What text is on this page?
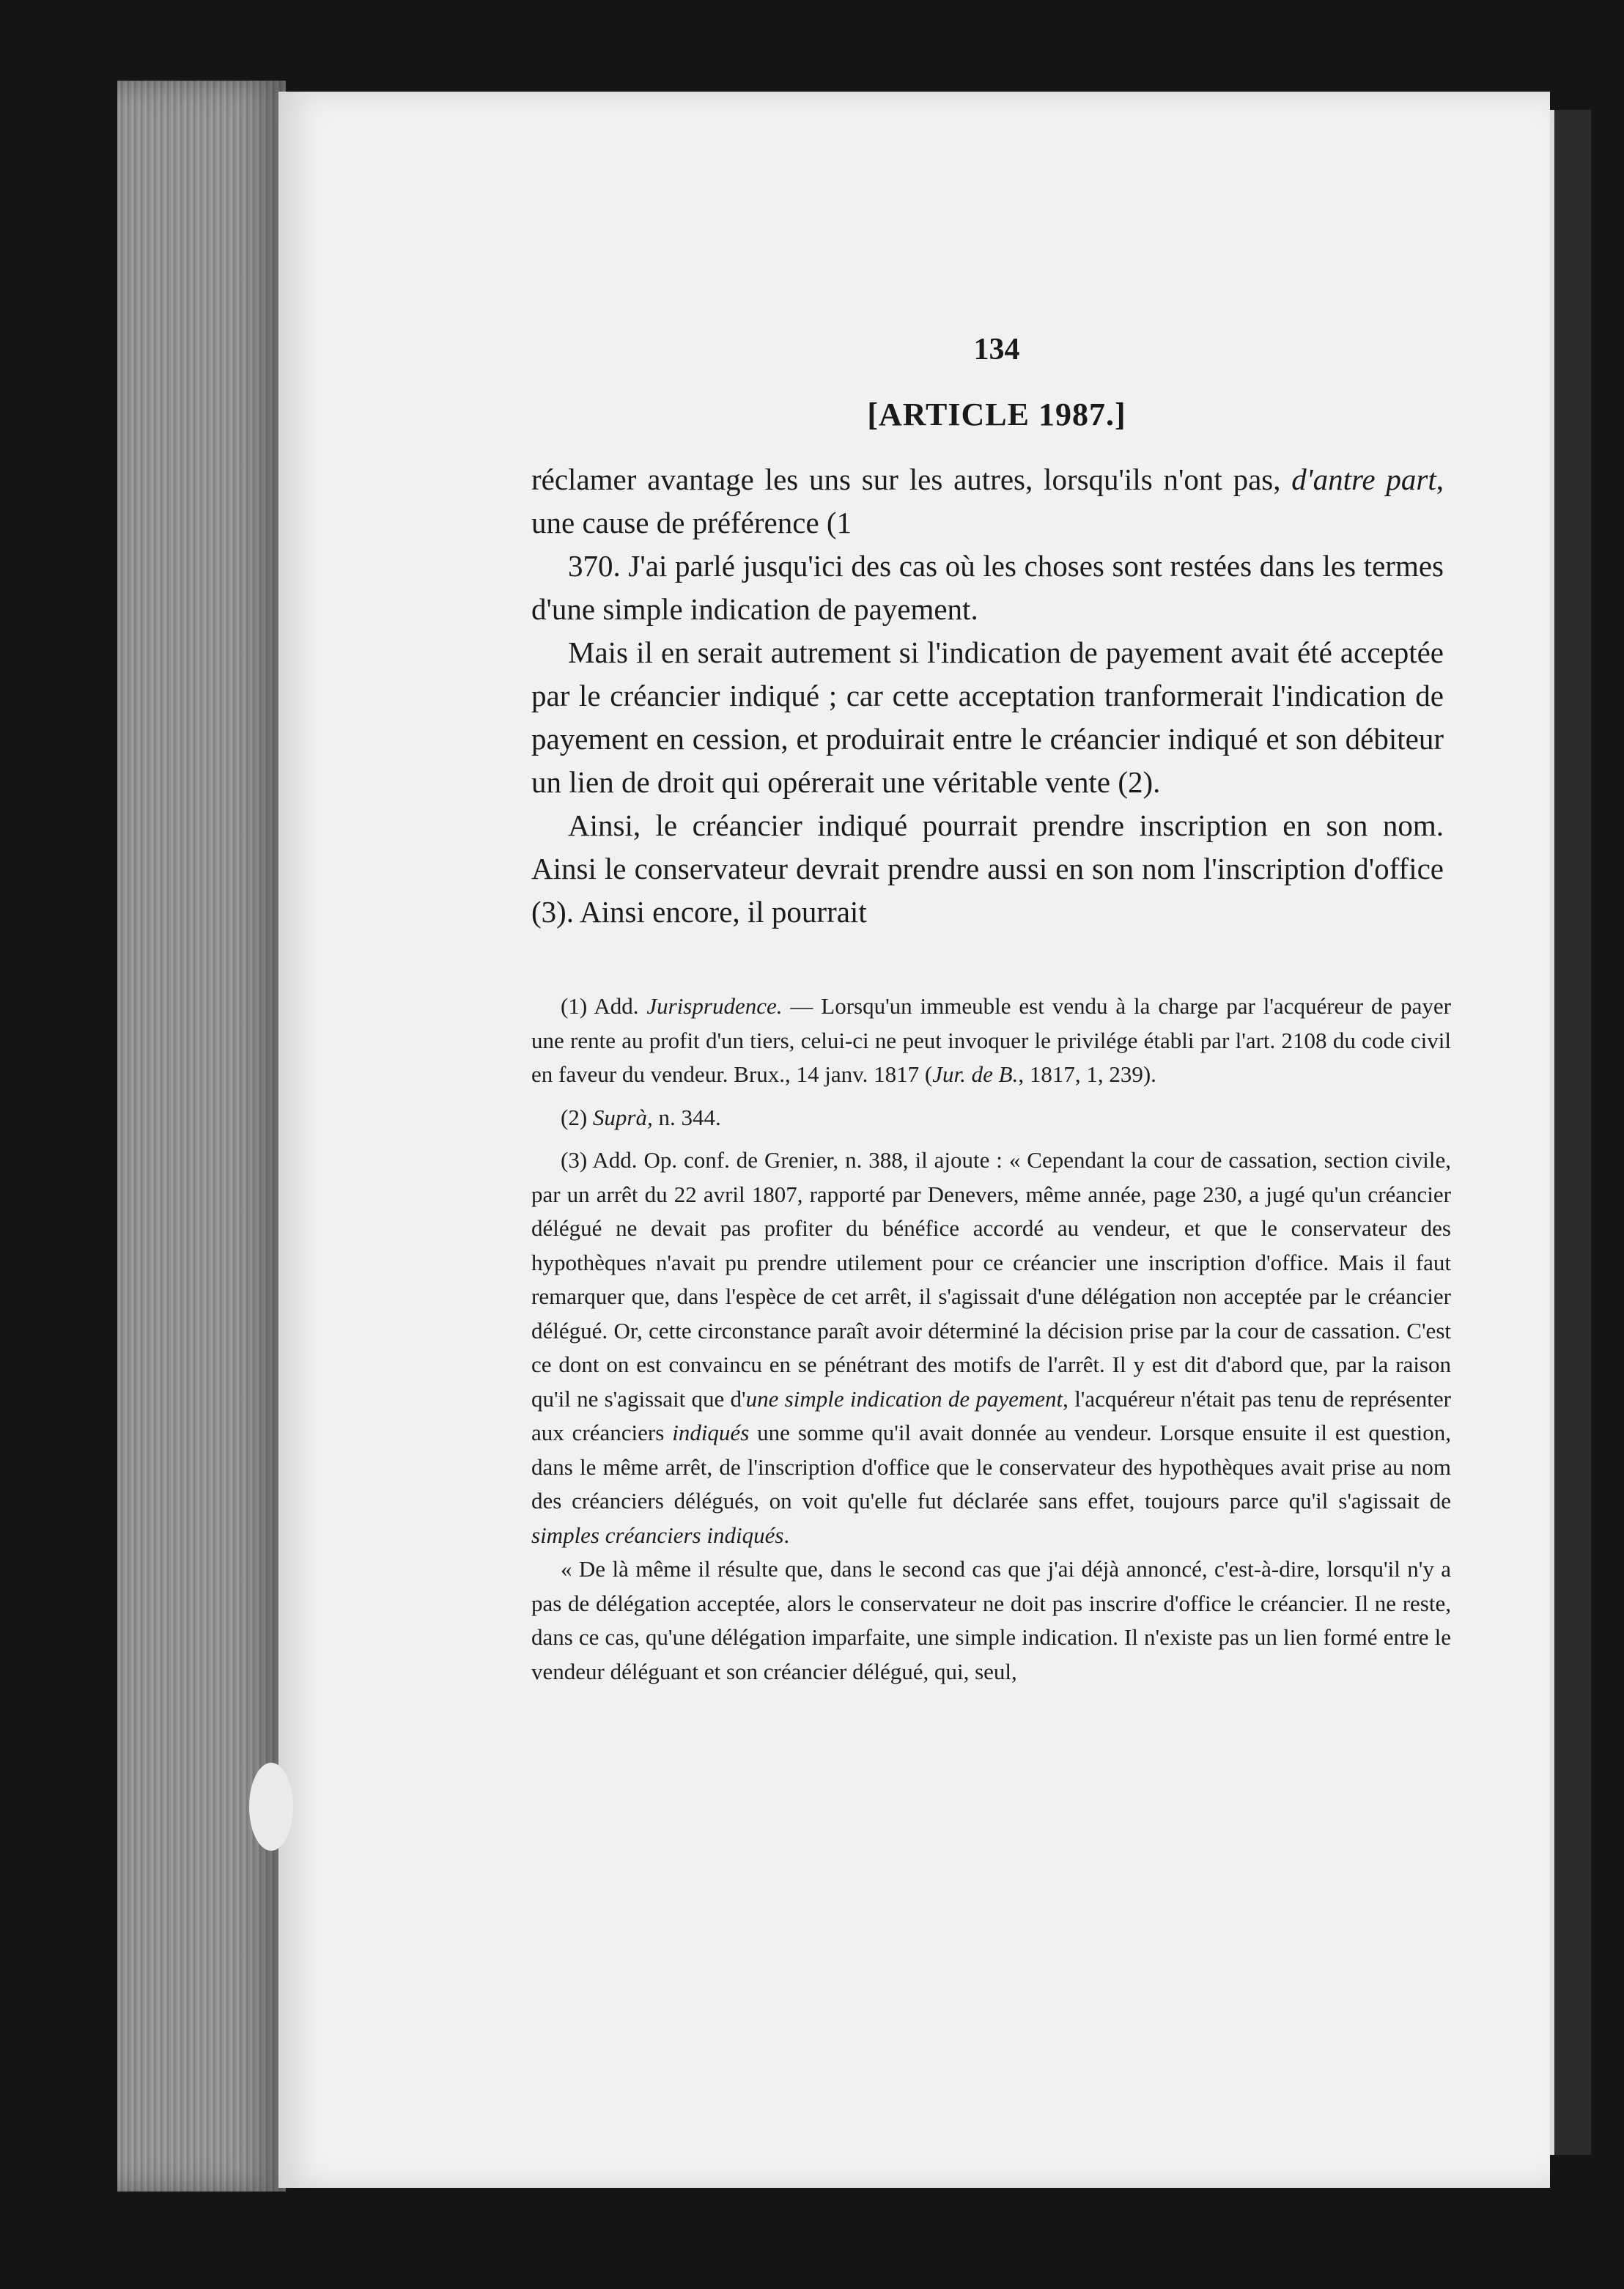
134
[ARTICLE 1987.]

réclamer avantage les uns sur les autres, lorsqu'ils n'ont pas, d'antre part, une cause de préférence (1

370. J'ai parlé jusqu'ici des cas où les choses sont restées dans les termes d'une simple indication de payement.

Mais il en serait autrement si l'indication de payement avait été acceptée par le créancier indiqué ; car cette acceptation tranformerait l'indication de payement en cession, et produirait entre le créancier indiqué et son débiteur un lien de droit qui opérerait une véritable vente (2).

Ainsi, le créancier indiqué pourrait prendre inscription en son nom. Ainsi le conservateur devrait prendre aussi en son nom l'inscription d'office (3). Ainsi encore, il pourrait

(1) Add. Jurisprudence. — Lorsqu'un immeuble est vendu à la charge par l'acquéreur de payer une rente au profit d'un tiers, celui-ci ne peut invoquer le privilége établi par l'art. 2108 du code civil en faveur du vendeur. Brux., 14 janv. 1817 (Jur. de B., 1817, 1, 239).

(2) Suprà, n. 344.

(3) Add. Op. conf. de Grenier, n. 388, il ajoute : « Cependant la cour de cassation, section civile, par un arrêt du 22 avril 1807, rapporté par Denevers, même année, page 230, a jugé qu'un créancier délégué ne devait pas profiter du bénéfice accordé au vendeur, et que le conservateur des hypothèques n'avait pu prendre utilement pour ce créancier une inscription d'office. Mais il faut remarquer que, dans l'espèce de cet arrêt, il s'agissait d'une délégation non acceptée par le créancier délégué. Or, cette circonstance paraît avoir déterminé la décision prise par la cour de cassation. C'est ce dont on est convaincu en se pénétrant des motifs de l'arrêt. Il y est dit d'abord que, par la raison qu'il ne s'agissait que d'une simple indication de payement, l'acquéreur n'était pas tenu de représenter aux créanciers indiqués une somme qu'il avait donnée au vendeur. Lorsque ensuite il est question, dans le même arrêt, de l'inscription d'office que le conservateur des hypothèques avait prise au nom des créanciers délégués, on voit qu'elle fut déclarée sans effet, toujours parce qu'il s'agissait de simples créanciers indiqués.

« De là même il résulte que, dans le second cas que j'ai déjà annoncé, c'est-à-dire, lorsqu'il n'y a pas de délégation acceptée, alors le conservateur ne doit pas inscrire d'office le créancier. Il ne reste, dans ce cas, qu'une délégation imparfaite, une simple indication. Il n'existe pas un lien formé entre le vendeur déléguant et son créancier délégué, qui, seul,
